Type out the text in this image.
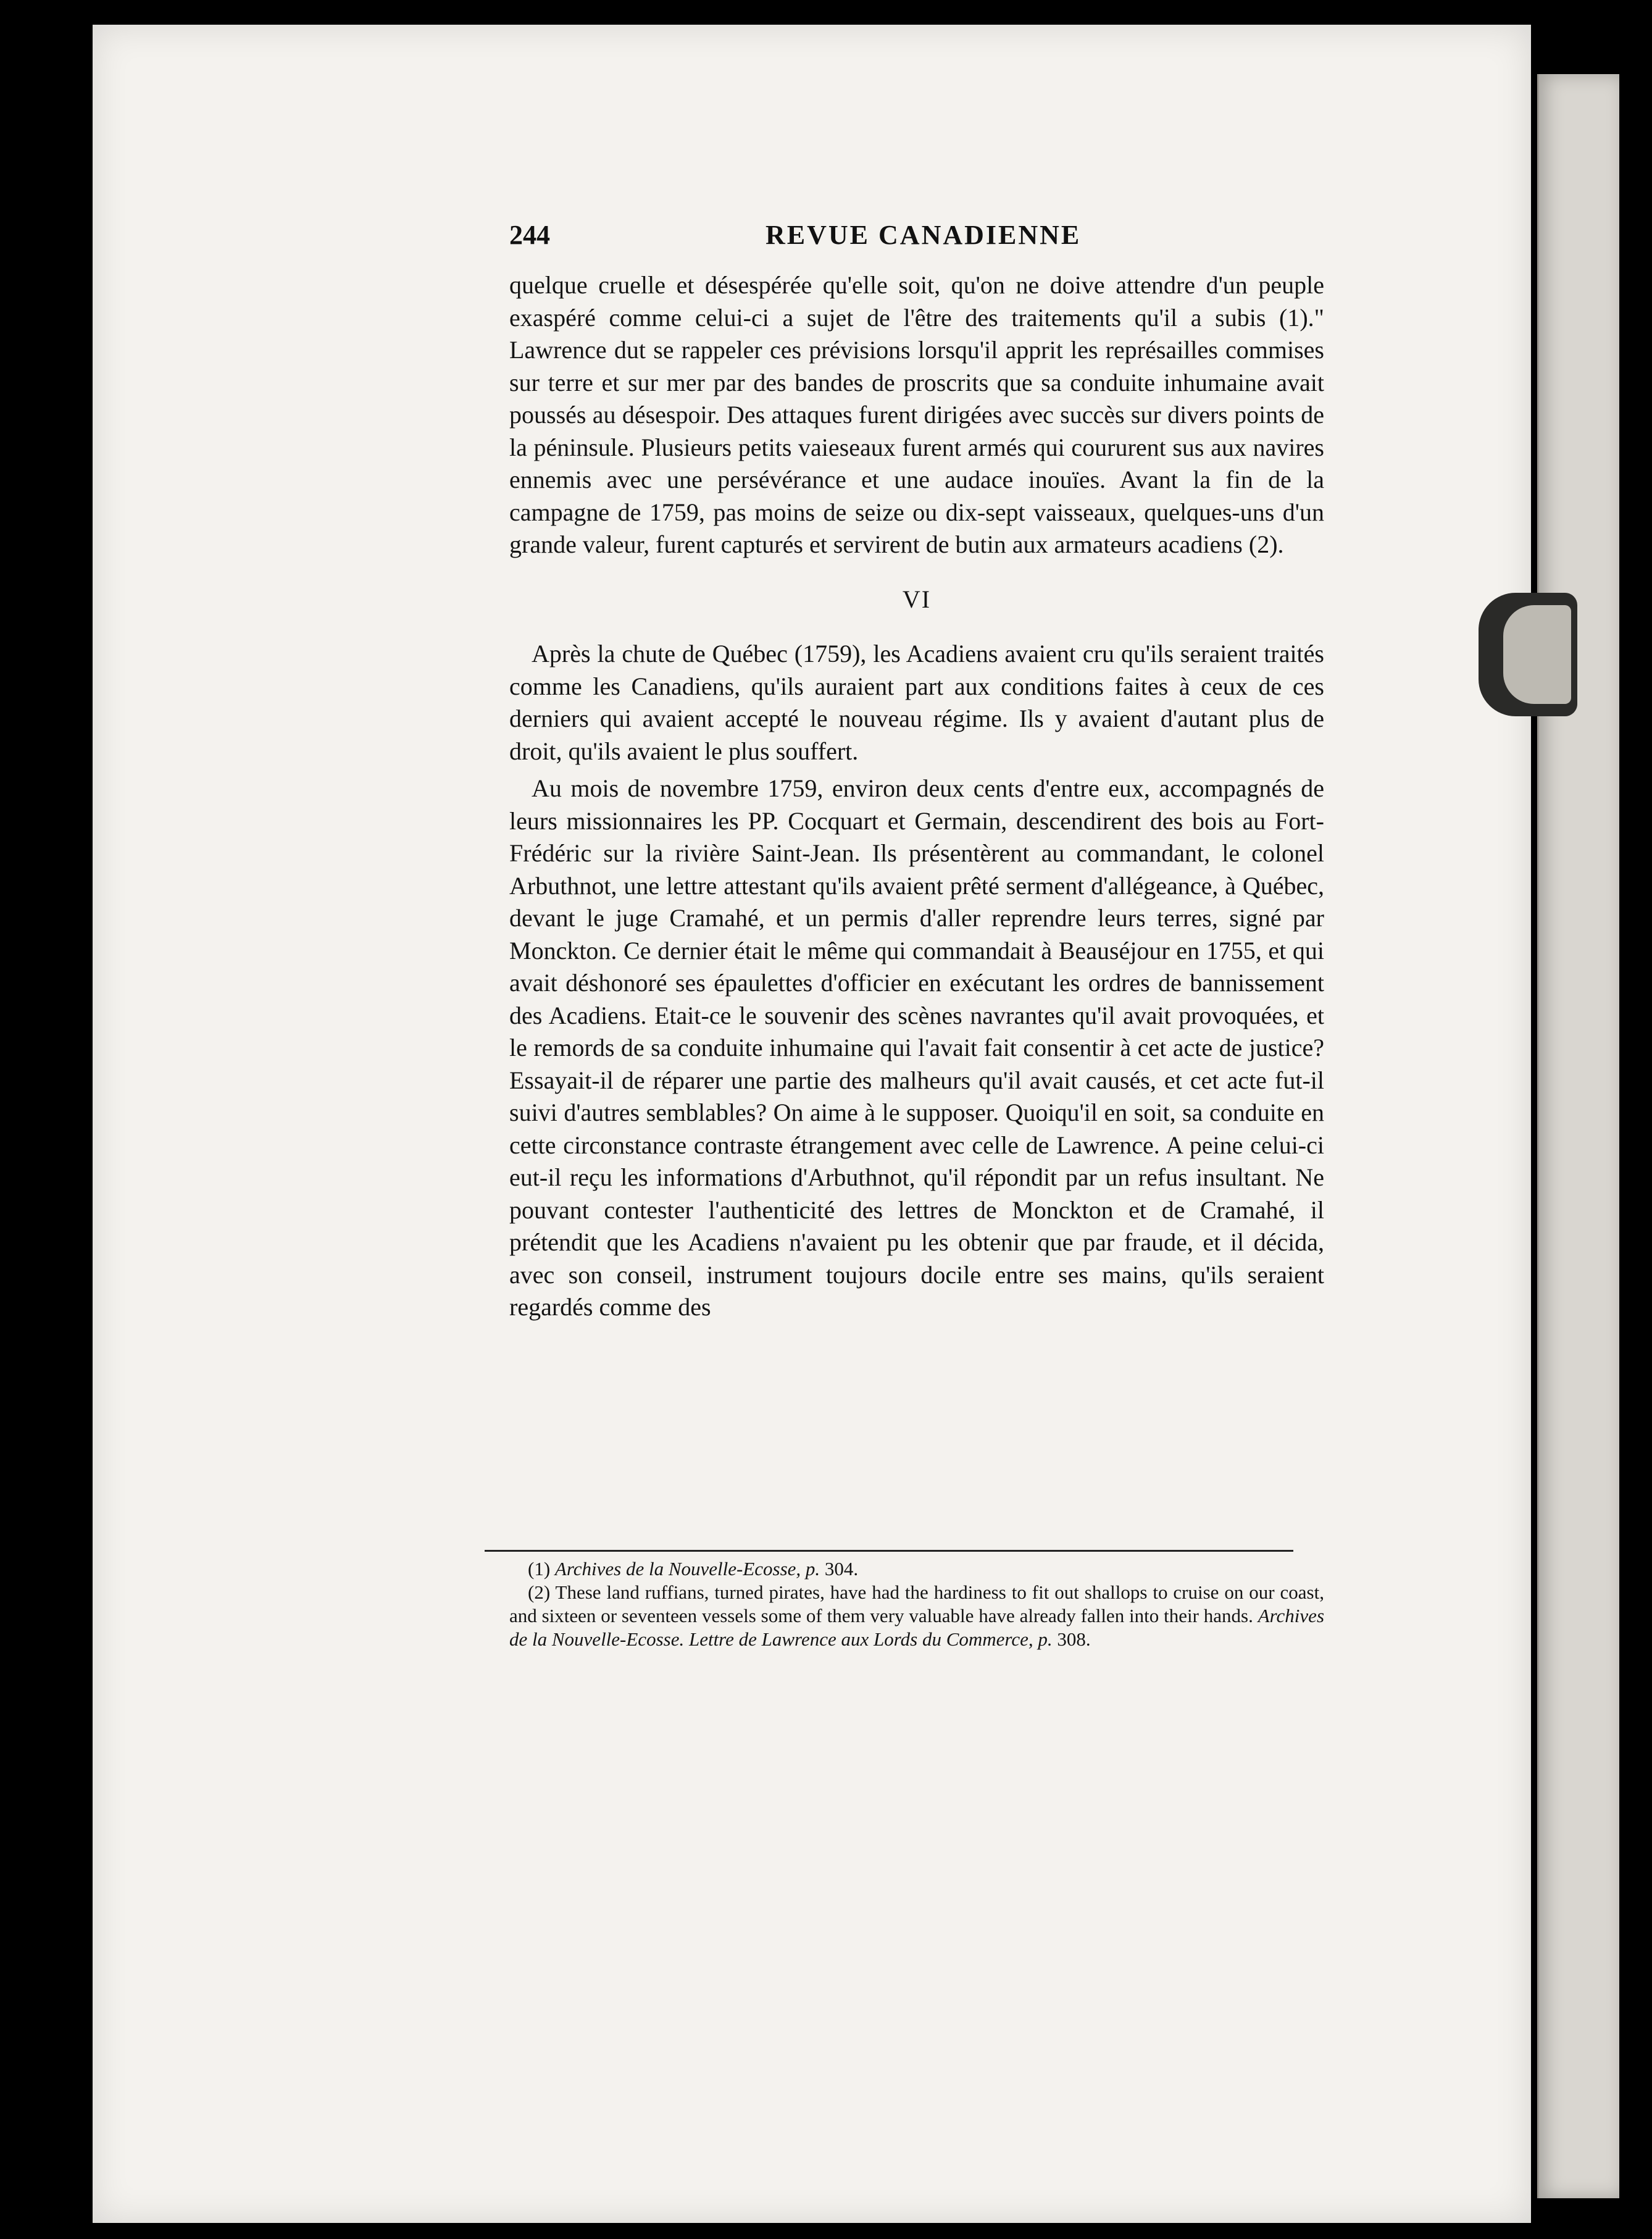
244	REVUE CANADIENNE

quelque cruelle et désespérée qu'elle soit, qu'on ne doive attendre d'un peuple exaspéré comme celui-ci a sujet de l'être des traitements qu'il a subis (1)." Lawrence dut se rappeler ces prévisions lorsqu'il apprit les représailles commises sur terre et sur mer par des bandes de proscrits que sa conduite inhumaine avait poussés au désespoir. Des attaques furent dirigées avec succès sur divers points de la péninsule. Plusieurs petits vaieseaux furent armés qui coururent sus aux navires ennemis avec une persévérance et une audace inouïes. Avant la fin de la campagne de 1759, pas moins de seize ou dix-sept vaisseaux, quelques-uns d'un grande valeur, furent capturés et servirent de butin aux armateurs acadiens (2).

VI

Après la chute de Québec (1759), les Acadiens avaient cru qu'ils seraient traités comme les Canadiens, qu'ils auraient part aux conditions faites à ceux de ces derniers qui avaient accepté le nouveau régime. Ils y avaient d'autant plus de droit, qu'ils avaient le plus souffert.

Au mois de novembre 1759, environ deux cents d'entre eux, accompagnés de leurs missionnaires les PP. Cocquart et Germain, descendirent des bois au Fort-Frédéric sur la rivière Saint-Jean. Ils présentèrent au commandant, le colonel Arbuthnot, une lettre attestant qu'ils avaient prêté serment d'allégeance, à Québec, devant le juge Cramahé, et un permis d'aller reprendre leurs terres, signé par Monckton. Ce dernier était le même qui commandait à Beauséjour en 1755, et qui avait déshonoré ses épaulettes d'officier en exécutant les ordres de bannissement des Acadiens. Etait-ce le souvenir des scènes navrantes qu'il avait provoquées, et le remords de sa conduite inhumaine qui l'avait fait consentir à cet acte de justice? Essayait-il de réparer une partie des malheurs qu'il avait causés, et cet acte fut-il suivi d'autres semblables? On aime à le supposer. Quoiqu'il en soit, sa conduite en cette circonstance contraste étrangement avec celle de Lawrence. A peine celui-ci eut-il reçu les informations d'Arbuthnot, qu'il répondit par un refus insultant. Ne pouvant contester l'authenticité des lettres de Monckton et de Cramahé, il prétendit que les Acadiens n'avaient pu les obtenir que par fraude, et il décida, avec son conseil, instrument toujours docile entre ses mains, qu'ils seraient regardés comme des

(1) Archives de la Nouvelle-Ecosse, p. 304.

(2) These land ruffians, turned pirates, have had the hardiness to fit out shallops to cruise on our coast, and sixteen or seventeen vessels some of them very valuable have already fallen into their hands. Archives de la Nouvelle-Ecosse. Lettre de Lawrence aux Lords du Commerce, p. 308.
